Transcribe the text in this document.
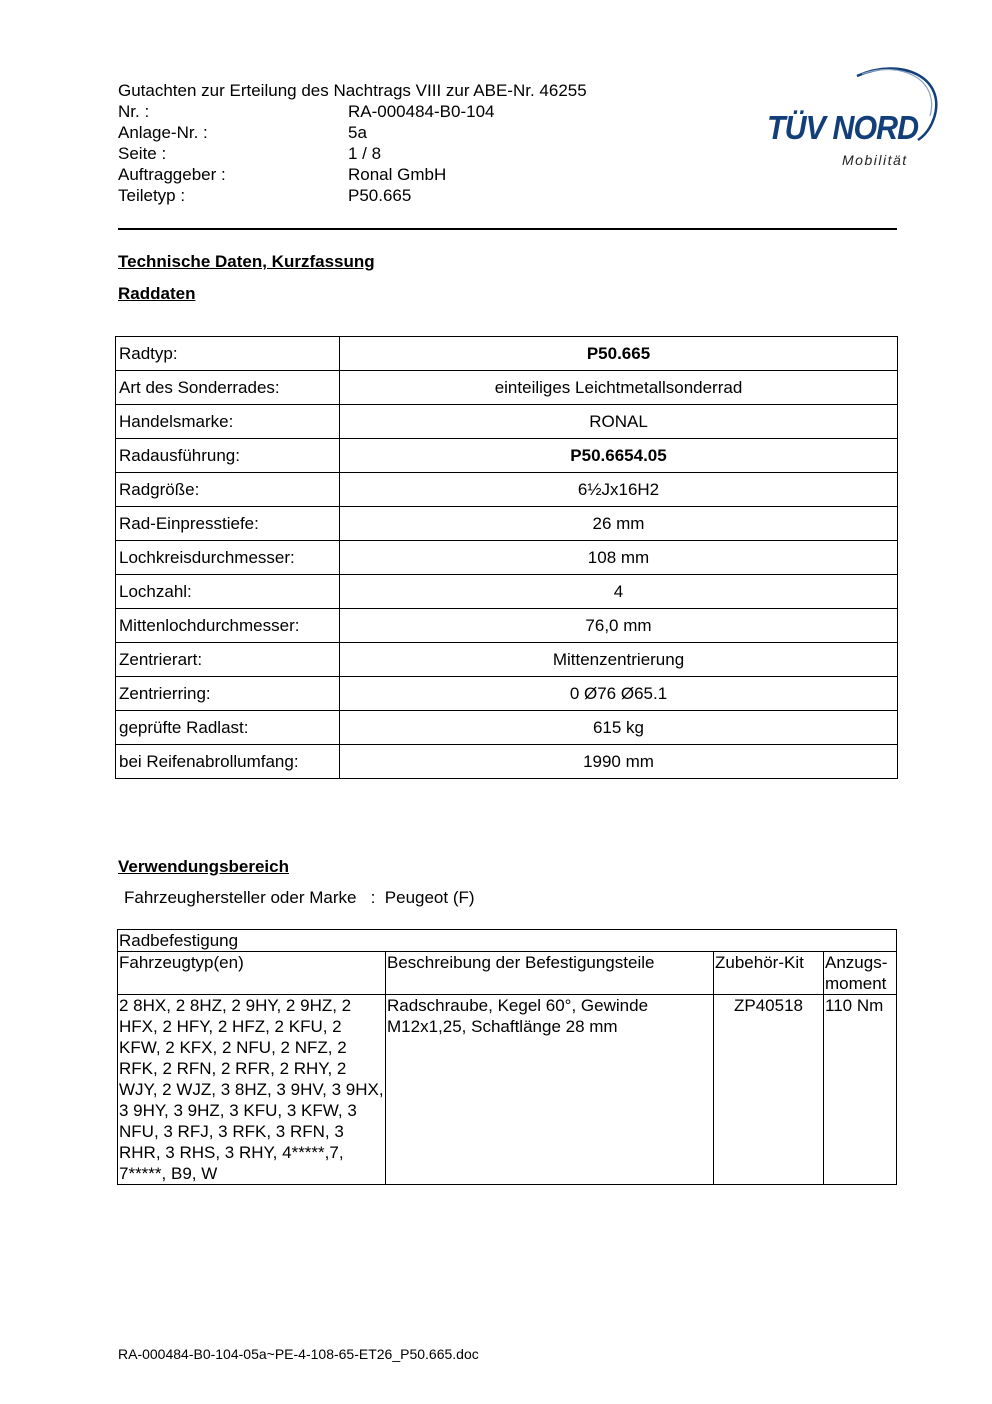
Gutachten zur Erteilung des Nachtrags VIII zur ABE-Nr. 46255
Nr. :	RA-000484-B0-104
Anlage-Nr. :	5a
Seite :	1 / 8
Auftraggeber :	Ronal GmbH
Teiletyp :	P50.665
TÜV NORD
Mobilität
Technische Daten, Kurzfassung
Raddaten
Radtyp:	P50.665
Art des Sonderrades:	einteiliges Leichtmetallsonderrad
Handelsmarke:	RONAL
Radausführung:	P50.6654.05
Radgröße:	6½Jx16H2
Rad-Einpresstiefe:	26 mm
Lochkreisdurchmesser:	108 mm
Lochzahl:	4
Mittenlochdurchmesser:	76,0 mm
Zentrierart:	Mittenzentrierung
Zentrierring:	0 Ø76 Ø65.1
geprüfte Radlast:	615 kg
bei Reifenabrollumfang:	1990 mm
Verwendungsbereich
Fahrzeughersteller oder Marke   :  Peugeot (F)
Radbefestigung			
Fahrzeugtyp(en)	Beschreibung der Befestigungsteile	Zubehör-Kit	Anzugs-moment
2 8HX, 2 8HZ, 2 9HY, 2 9HZ, 2 HFX, 2 HFY, 2 HFZ, 2 KFU, 2 KFW, 2 KFX, 2 NFU, 2 NFZ, 2 RFK, 2 RFN, 2 RFR, 2 RHY, 2 WJY, 2 WJZ, 3 8HZ, 3 9HV, 3 9HX, 3 9HY, 3 9HZ, 3 KFU, 3 KFW, 3 NFU, 3 RFJ, 3 RFK, 3 RFN, 3 RHR, 3 RHS, 3 RHY, 4*****,7, 7*****, B9, W	Radschraube, Kegel 60°, Gewinde M12x1,25, Schaftlänge 28 mm	ZP40518	110 Nm
RA-000484-B0-104-05a~PE-4-108-65-ET26_P50.665.doc
